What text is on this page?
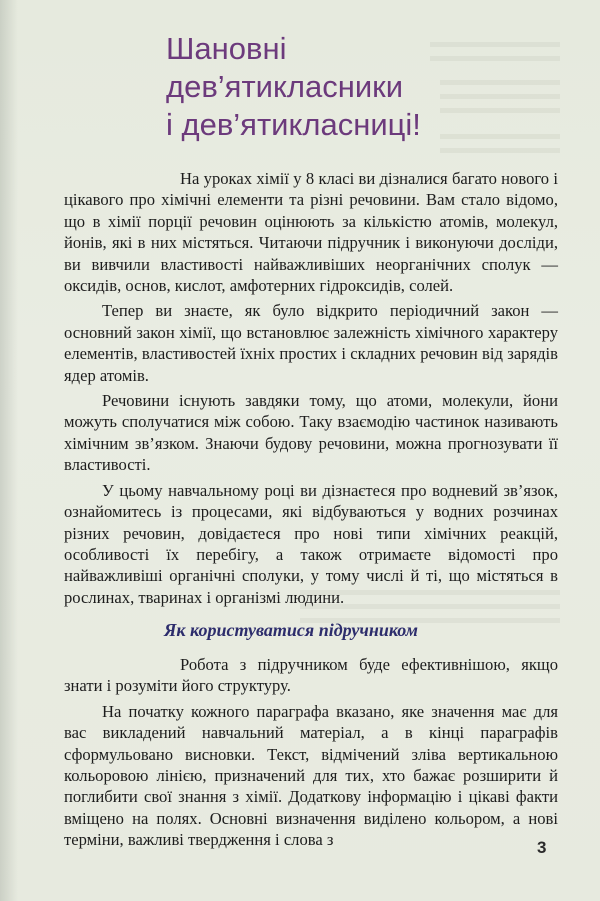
Шановні
дев’ятикласники
і дев’ятикласниці!

На уроках хімії у 8 класі ви дізналися багато нового і цікавого про хімічні елементи та різні речовини. Вам стало відомо, що в хімії порції речовин оцінюють за кількістю атомів, молекул, йонів, які в них містяться. Читаючи підручник і виконуючи досліди, ви вивчили властивості найважливіших неорганічних сполук — оксидів, основ, кислот, амфотерних гідроксидів, солей.

Тепер ви знаєте, як було відкрито періодичний закон — основний закон хімії, що встановлює залежність хімічного характеру елементів, властивостей їхніх простих і складних речовин від зарядів ядер атомів.

Речовини існують завдяки тому, що атоми, молекули, йони можуть сполучатися між собою. Таку взаємодію частинок називають хімічним зв’язком. Знаючи будову речовини, можна прогнозувати її властивості.

У цьому навчальному році ви дізнаєтеся про водневий зв’язок, ознайомитесь із процесами, які відбуваються у водних розчинах різних речовин, довідаєтеся про нові типи хімічних реакцій, особливості їх перебігу, а також отримаєте відомості про найважливіші органічні сполуки, у тому числі й ті, що містяться в рослинах, тваринах і організмі людини.

Як користуватися підручником

Робота з підручником буде ефективнішою, якщо знати і розуміти його структуру.

На початку кожного параграфа вказано, яке значення має для вас викладений навчальний матеріал, а в кінці параграфів сформульовано висновки. Текст, відмічений зліва вертикальною кольоровою лінією, призначений для тих, хто бажає розширити й поглибити свої знання з хімії. Додаткову інформацію і цікаві факти вміщено на полях. Основні визначення виділено кольором, а нові терміни, важливі твердження і слова з	3
